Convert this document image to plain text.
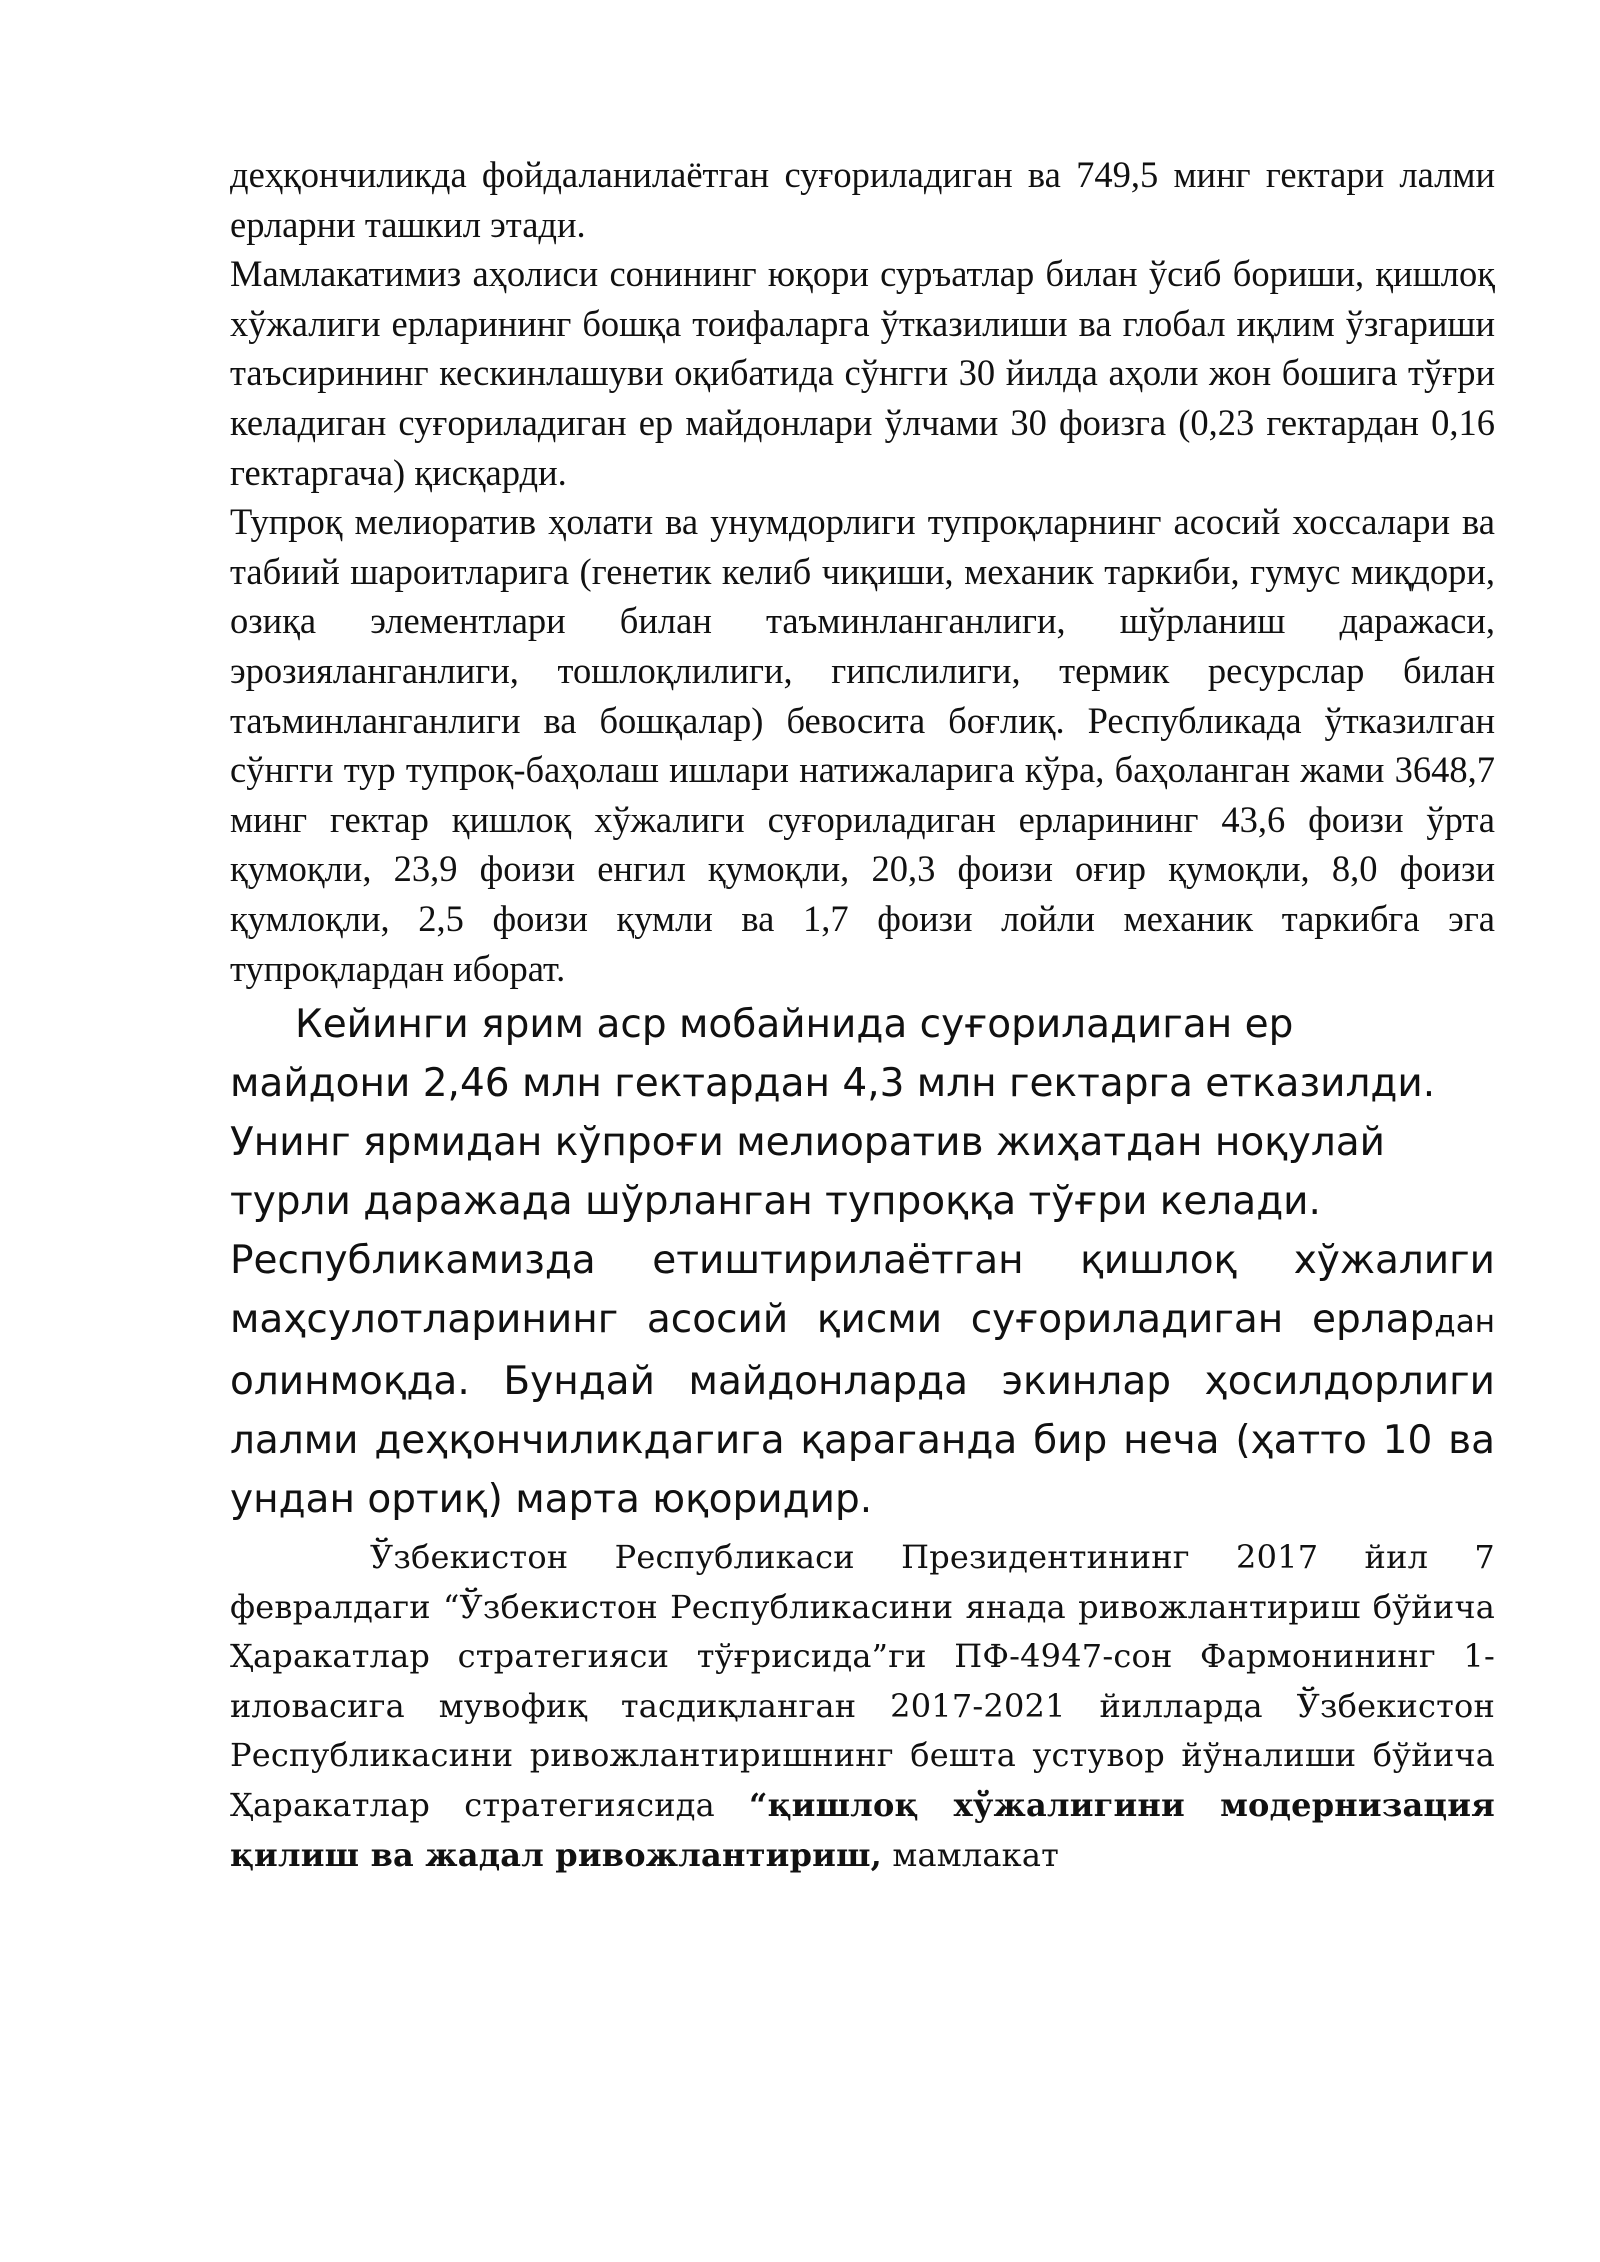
деҳқончиликда фойдаланилаётган суғориладиган ва 749,5 минг гектари лалми ерларни ташкил этади.

Мамлакатимиз аҳолиси сонининг юқори суръатлар билан ўсиб бориши, қишлоқ хўжалиги ерларининг бошқа тоифаларга ўтказилиши ва глобал иқлим ўзгариши таъсирининг кескинлашуви оқибатида сўнгги 30 йилда аҳоли жон бошига тўғри келадиган суғориладиган ер майдонлари ўлчами 30 фоизга (0,23 гектардан 0,16 гектаргача) қисқарди.

Тупроқ мелиоратив ҳолати ва унумдорлиги тупроқларнинг асосий хоссалари ва табиий шароитларига (генетик келиб чиқиши, механик таркиби, гумус миқдори, озиқа элементлари билан таъминланганлиги, шўрланиш даражаси, эрозияланганлиги, тошлоқлилиги, гипслилиги, термик ресурслар билан таъминланганлиги ва бошқалар) бевосита боғлиқ. Республикада ўтказилган сўнгги тур тупроқ-баҳолаш ишлари натижаларига кўра, баҳоланган жами 3648,7 минг гектар қишлоқ хўжалиги суғориладиган ерларининг 43,6 фоизи ўрта қумоқли, 23,9 фоизи енгил қумоқли, 20,3 фоизи оғир қумоқли, 8,0 фоизи қумлоқли, 2,5 фоизи қумли ва 1,7 фоизи лойли механик таркибга эга тупроқлардан иборат.

Кейинги ярим аср мобайнида суғориладиган ер
майдони 2,46 млн гектардан 4,3 млн гектарга етказилди.
Унинг ярмидан кўпроғи мелиоратив жиҳатдан ноқулай
турли даражада шўрланган тупроққа тўғри келади.

Республикамизда етиштирилаётган қишлоқ хўжалиги маҳсулотларининг асосий қисми суғориладиган ерлардан олинмоқда. Бундай майдонларда экинлар ҳосилдорлиги лалми деҳқончиликдагига қараганда бир неча (ҳатто 10 ва ундан ортиқ) марта юқоридир.

Ўзбекистон Республикаси Президентининг 2017 йил 7 февралдаги “Ўзбекистон Республикасини янада ривожлантириш бўйича Ҳаракатлар стратегияси тўғрисида”ги ПФ-4947-сон Фармонининг 1-иловасига мувофиқ тасдиқланган 2017-2021 йилларда Ўзбекистон Республикасини ривожлантиришнинг бешта устувор йўналиши бўйича Ҳаракатлар стратегиясида “қишлоқ хўжалигини модернизация қилиш ва жадал ривожлантириш, мамлакат
